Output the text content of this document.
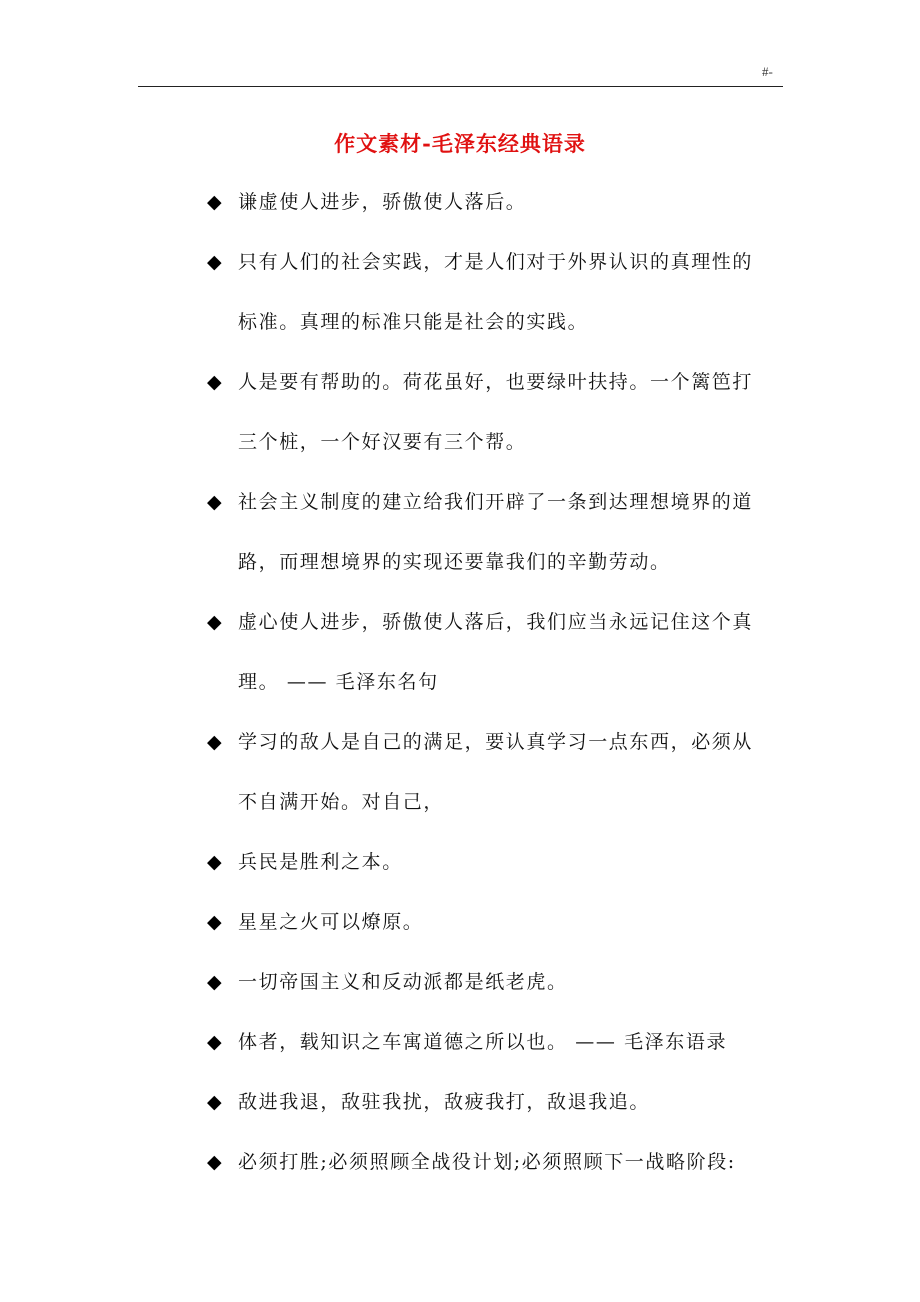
#-
作文素材-毛泽东经典语录
◆ 谦虚使人进步，骄傲使人落后。
◆ 只有人们的社会实践，才是人们对于外界认识的真理性的
标准。真理的标准只能是社会的实践。
◆ 人是要有帮助的。荷花虽好，也要绿叶扶持。一个篱笆打
三个桩，一个好汉要有三个帮。
◆ 社会主义制度的建立给我们开辟了一条到达理想境界的道
路，而理想境界的实现还要靠我们的辛勤劳动。
◆ 虚心使人进步，骄傲使人落后，我们应当永远记住这个真
理。 —— 毛泽东名句
◆ 学习的敌人是自己的满足，要认真学习一点东西，必须从
不自满开始。对自己，
◆ 兵民是胜利之本。
◆ 星星之火可以燎原。
◆ 一切帝国主义和反动派都是纸老虎。
◆ 体者，载知识之车寓道德之所以也。 —— 毛泽东语录
◆ 敌进我退，敌驻我扰，敌疲我打，敌退我追。
◆ 必须打胜;必须照顾全战役计划;必须照顾下一战略阶段:
